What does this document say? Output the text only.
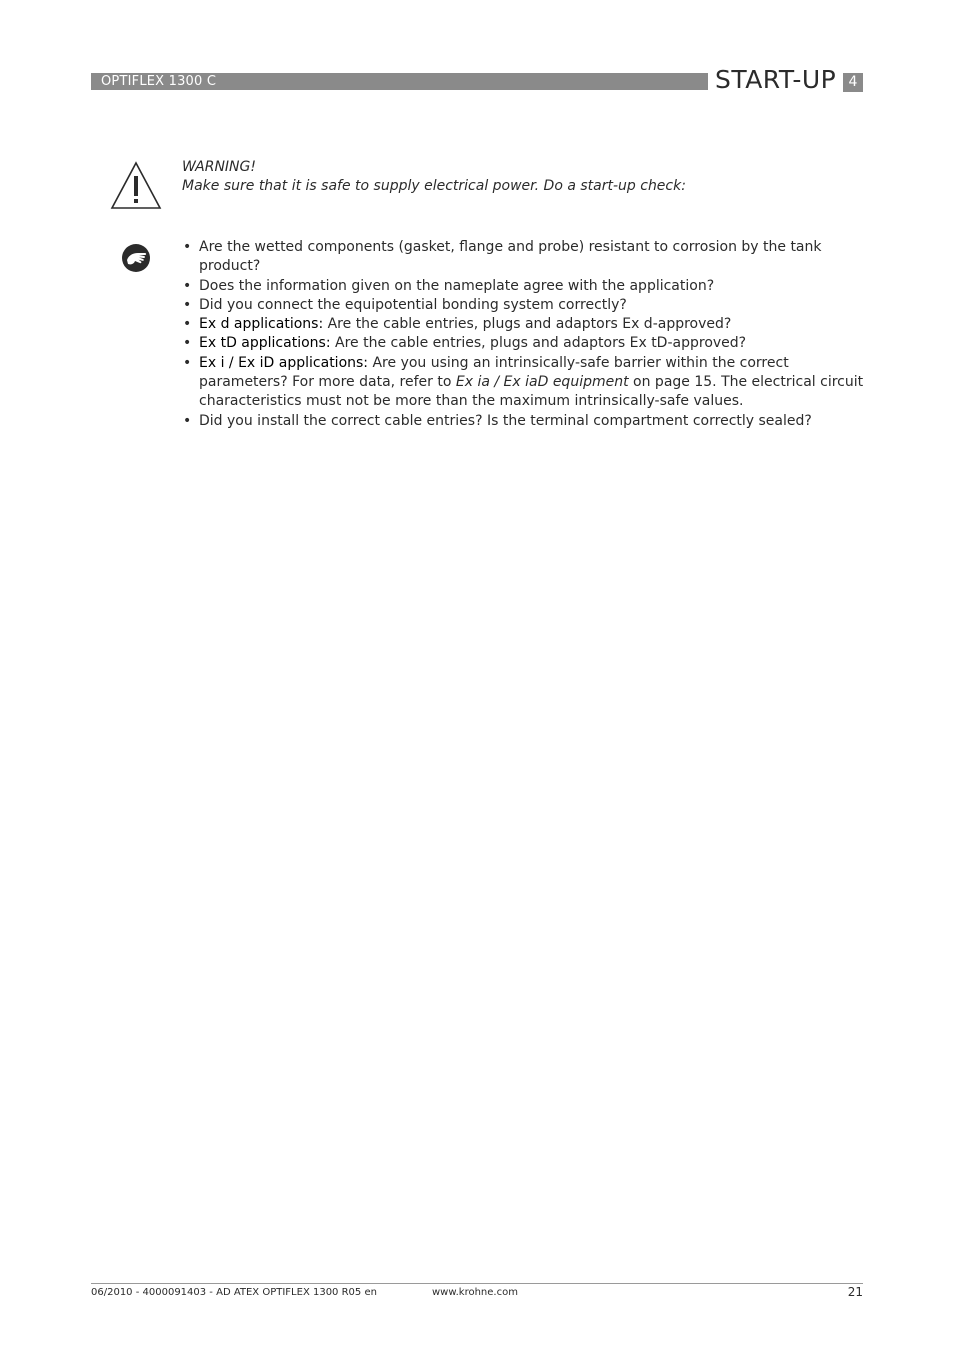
OPTIFLEX 1300 C	START-UP 4
WARNING!
Make sure that it is safe to supply electrical power. Do a start-up check:
• Are the wetted components (gasket, flange and probe) resistant to corrosion by the tank product?
• Does the information given on the nameplate agree with the application?
• Did you connect the equipotential bonding system correctly?
• Ex d applications: Are the cable entries, plugs and adaptors Ex d-approved?
• Ex tD applications: Are the cable entries, plugs and adaptors Ex tD-approved?
• Ex i / Ex iD applications: Are you using an intrinsically-safe barrier within the correct parameters? For more data, refer to Ex ia / Ex iaD equipment on page 15. The electrical circuit characteristics must not be more than the maximum intrinsically-safe values.
• Did you install the correct cable entries? Is the terminal compartment correctly sealed?
06/2010 - 4000091403 - AD ATEX OPTIFLEX 1300 R05 en	www.krohne.com	21
